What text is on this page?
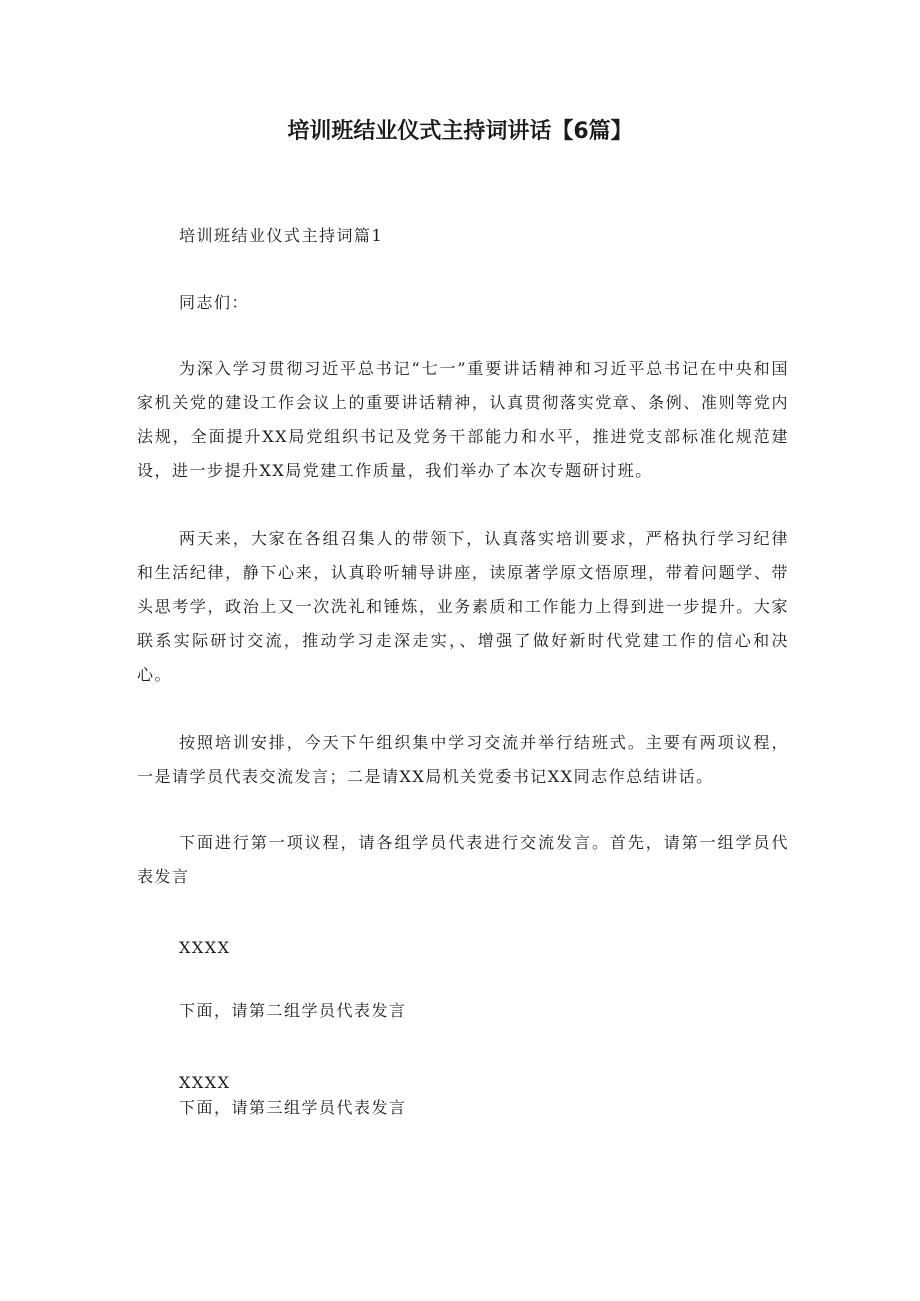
培训班结业仪式主持词讲话【6篇】

培训班结业仪式主持词篇1

同志们：

为深入学习贯彻习近平总书记“七一”重要讲话精神和习近平总书记在中央和国家机关党的建设工作会议上的重要讲话精神，认真贯彻落实党章、条例、准则等党内法规，全面提升XX局党组织书记及党务干部能力和水平，推进党支部标准化规范建设，进一步提升XX局党建工作质量，我们举办了本次专题研讨班。

两天来，大家在各组召集人的带领下，认真落实培训要求，严格执行学习纪律和生活纪律，静下心来，认真聆听辅导讲座，读原著学原文悟原理，带着问题学、带头思考学，政治上又一次洗礼和锤炼，业务素质和工作能力上得到进一步提升。大家联系实际研讨交流，推动学习走深走实，、增强了做好新时代党建工作的信心和决心。

按照培训安排，今天下午组织集中学习交流并举行结班式。主要有两项议程，一是请学员代表交流发言；二是请XX局机关党委书记XX同志作总结讲话。

下面进行第一项议程，请各组学员代表进行交流发言。首先，请第一组学员代表发言

XXXX

下面，请第二组学员代表发言

XXXX

下面，请第三组学员代表发言
